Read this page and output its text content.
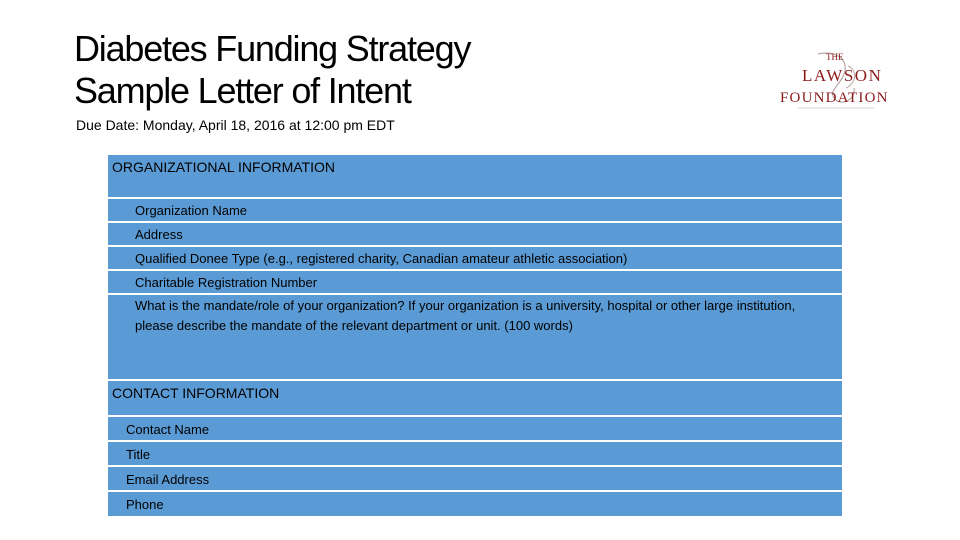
Diabetes Funding Strategy
Sample Letter of Intent
Due Date: Monday, April 18, 2016 at 12:00 pm EDT
THE
LAWSON
FOUNDATION
ORGANIZATIONAL INFORMATION
Organization Name
Address
Qualified Donee Type (e.g., registered charity, Canadian amateur athletic association)
Charitable Registration Number
What is the mandate/role of your organization? If your organization is a university, hospital or other large institution, please describe the mandate of the relevant department or unit. (100 words)
CONTACT INFORMATION
Contact Name
Title
Email Address
Phone
